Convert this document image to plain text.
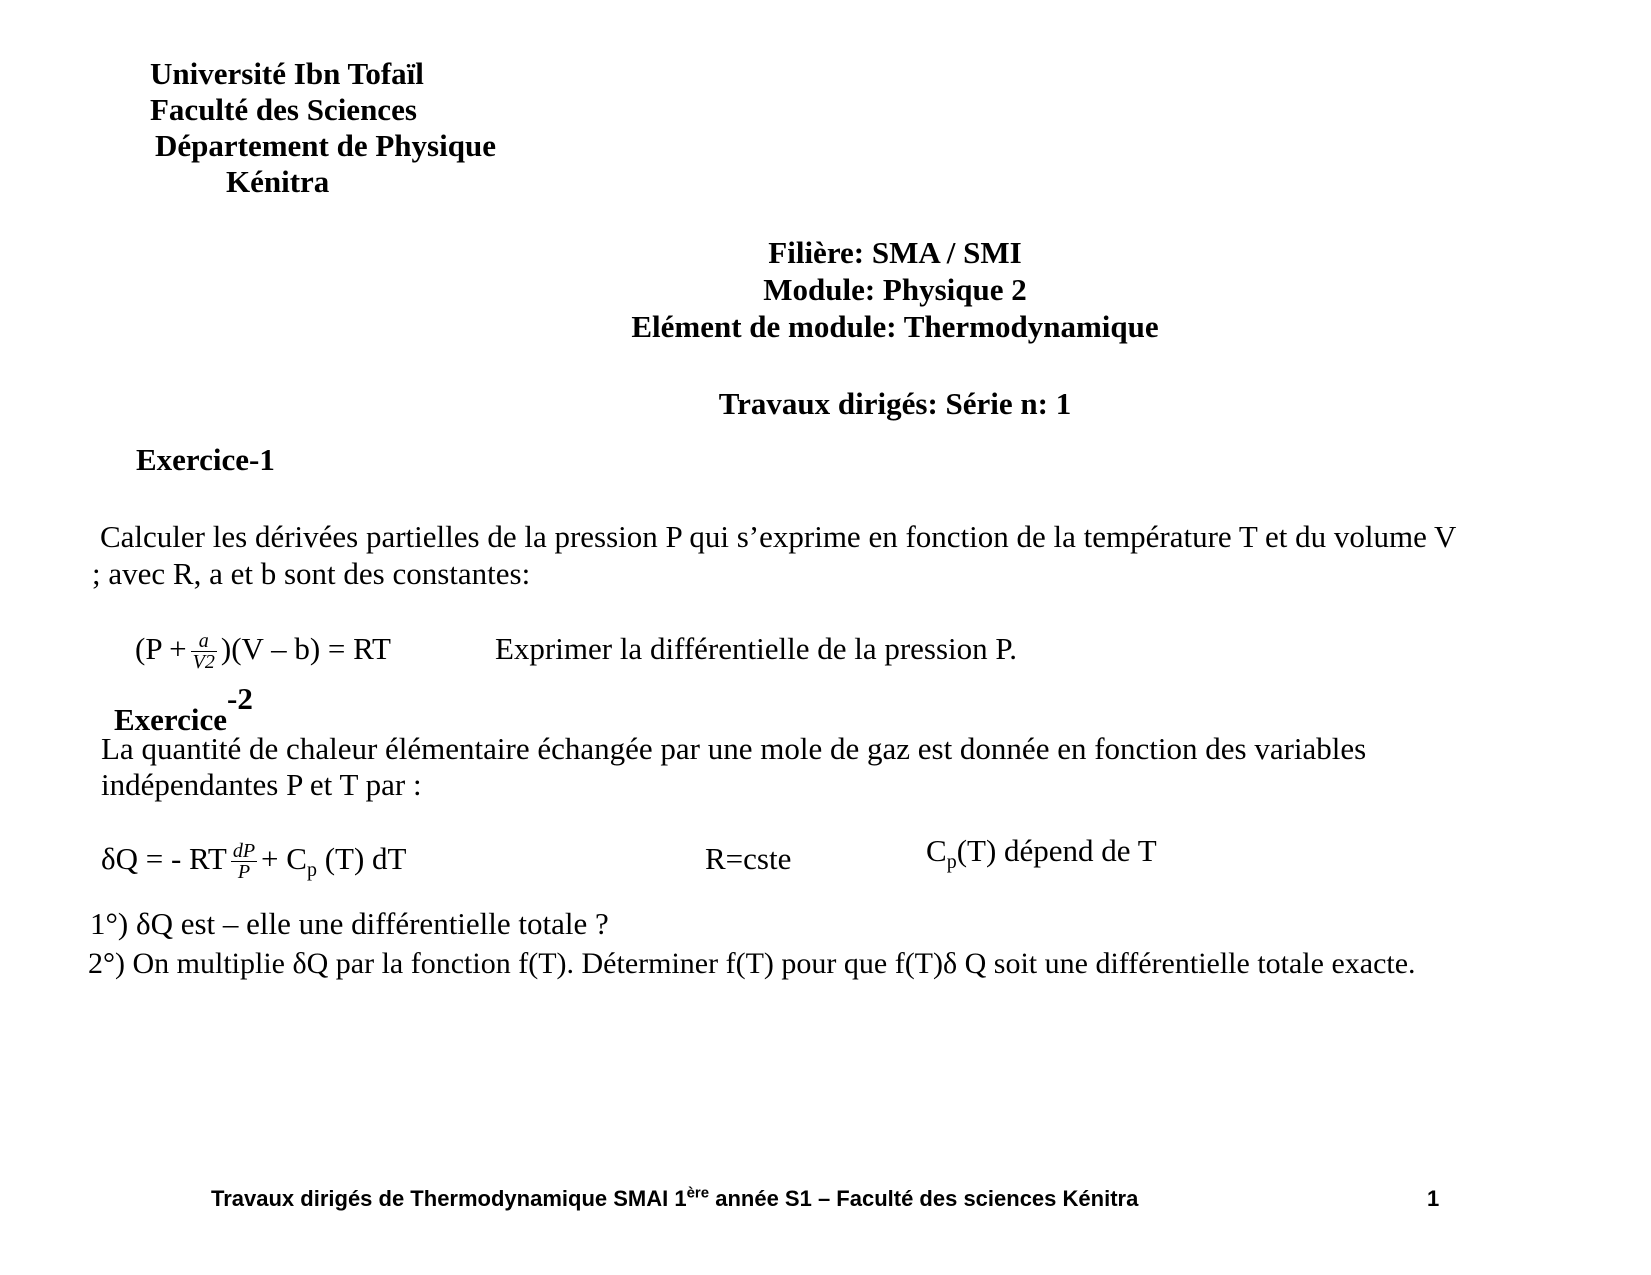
Université Ibn Tofaïl
Faculté des Sciences
Département de Physique
Kénitra
Filière: SMA / SMI
Module: Physique 2
Elément de module: Thermodynamique
Travaux dirigés: Série n: 1
Exercice-1
Calculer les dérivées partielles de la pression P qui s’exprime en fonction de la température T et du volume V
; avec R, a et b sont des constantes:
$(P + \frac{a}{V2} )(V - b)$ = RT	Exprimer la différentielle de la pression P.
Exercice
-2
La quantité de chaleur élémentaire échangée par une mole de gaz est donnée en fonction des variables
indépendantes P et T par :
δQ = - RT $\frac{dP}{P} + C_p$ (T) dT	R=cste	$C_p(T)$ dépend de T
1°) δQ est – elle une différentielle totale ?
2°) On multiplie δQ par la fonction f(T). Déterminer f(T) pour que f(T)δ Q soit une différentielle totale exacte.
Travaux dirigés de Thermodynamique SMAI 1ère année S1 – Faculté des sciences Kénitra	1
